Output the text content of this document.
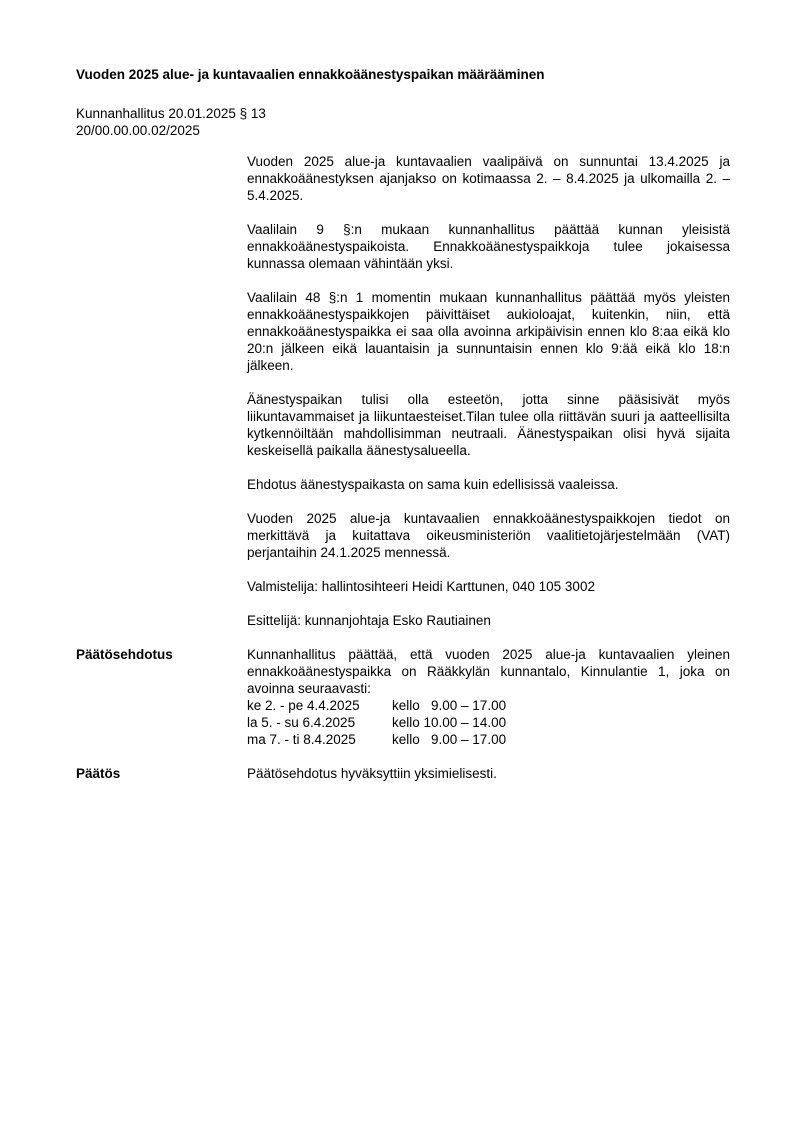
Vuoden 2025 alue- ja kuntavaalien ennakkoäänestyspaikan määrääminen
Kunnanhallitus 20.01.2025 § 13
20/00.00.00.02/2025

Vuoden 2025 alue-ja kuntavaalien vaalipäivä on sunnuntai 13.4.2025 ja ennakkoäänestyksen ajanjakso on kotimaassa 2. – 8.4.2025 ja ulkomailla 2. – 5.4.2025.

Vaalilain 9 §:n mukaan kunnanhallitus päättää kunnan yleisistä ennakkoäänestyspaikoista. Ennakkoäänestyspaikkoja tulee jokaisessa kunnassa olemaan vähintään yksi.

Vaalilain 48 §:n 1 momentin mukaan kunnanhallitus päättää myös yleisten ennakkoäänestyspaikkojen päivittäiset aukioloajat, kuitenkin, niin, että ennakkoäänestyspaikka ei saa olla avoinna arkipäivisin ennen klo 8:aa eikä klo 20:n jälkeen eikä lauantaisin ja sunnuntaisin ennen klo 9:ää eikä klo 18:n jälkeen.

Äänestyspaikan tulisi olla esteetön, jotta sinne pääsisivät myös liikuntavammaiset ja liikuntaesteiset.Tilan tulee olla riittävän suuri ja aatteellisilta kytkennöiltään mahdollisimman neutraali. Äänestyspaikan olisi hyvä sijaita keskeisellä paikalla äänestysalueella.

Ehdotus äänestyspaikasta on sama kuin edellisissä vaaleissa.

Vuoden 2025 alue-ja kuntavaalien ennakkoäänestyspaikkojen tiedot on merkittävä ja kuitattava oikeusministeriön vaalitietojärjestelmään (VAT) perjantaihin 24.1.2025 mennessä.

Valmistelija: hallintosihteeri Heidi Karttunen, 040 105 3002

Esittelijä: kunnanjohtaja Esko Rautiainen

Päätösehdotus	Kunnanhallitus päättää, että vuoden 2025 alue-ja kuntavaalien yleinen ennakkoäänestyspaikka on Rääkkylän kunnantalo, Kinnulantie 1, joka on avoinna seuraavasti:

ke 2. - pe 4.4.2025 kello   9.00 – 17.00
la 5. - su 6.4.2025	kello 10.00 – 14.00
ma 7. - ti 8.4.2025	kello   9.00 – 17.00
Päätös	Päätösehdotus hyväksyttiin yksimielisesti.
